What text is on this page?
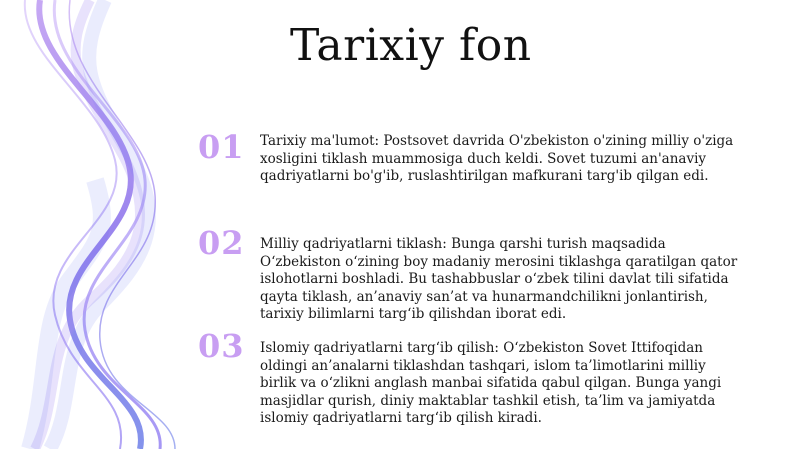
Tarixiy fon
01	Tarixiy ma'lumot: Postsovet davrida O'zbekiston o'zining milliy o'ziga xosligini tiklash muammosiga duch keldi. Sovet tuzumi an'anaviy qadriyatlarni bo'g'ib, ruslashtirilgan mafkurani targ'ib qilgan edi.
02	Milliy qadriyatlarni tiklash: Bunga qarshi turish maqsadida O‘zbekiston o‘zining boy madaniy merosini tiklashga qaratilgan qator islohotlarni boshladi. Bu tashabbuslar o‘zbek tilini davlat tili sifatida qayta tiklash, an’anaviy san’at va hunarmandchilikni jonlantirish, tarixiy bilimlarni targ‘ib qilishdan iborat edi.
03	Islomiy qadriyatlarni targ‘ib qilish: O‘zbekiston Sovet Ittifoqidan oldingi an’analarni tiklashdan tashqari, islom ta’limotlarini milliy birlik va o‘zlikni anglash manbai sifatida qabul qilgan. Bunga yangi masjidlar qurish, diniy maktablar tashkil etish, ta’lim va jamiyatda islomiy qadriyatlarni targ‘ib qilish kiradi.
